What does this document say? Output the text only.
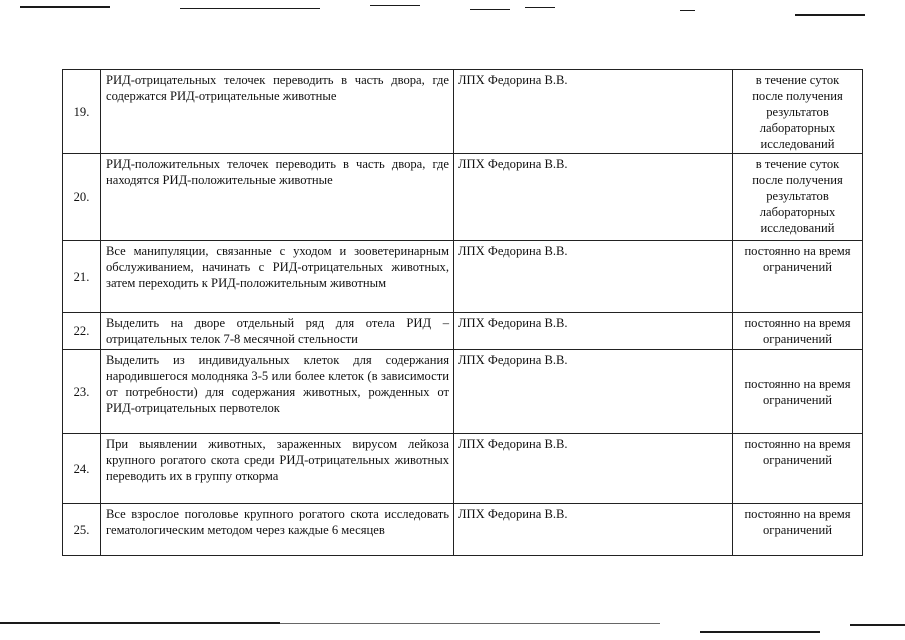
19.	РИД-отрицательных телочек переводить в часть двора, где содержатся РИД-отрицательные животные	ЛПХ Федорина В.В.	в течение суток после получения результатов лабораторных исследований
20.	РИД-положительных телочек переводить в часть двора, где находятся РИД-положительные животные	ЛПХ Федорина В.В.	в течение суток после получения результатов лабораторных исследований
21.	Все манипуляции, связанные с уходом и зооветеринарным обслуживанием, начинать с РИД-отрицательных животных, затем переходить к РИД-положительным животным	ЛПХ Федорина В.В.	постоянно на время ограничений
22.	Выделить на дворе отдельный ряд для отела РИД – отрицательных телок 7-8 месячной стельности	ЛПХ Федорина В.В.	постоянно на время ограничений
23.	Выделить из индивидуальных клеток для содержания народившегося молодняка 3-5 или более клеток (в зависимости от потребности) для содержания животных, рожденных от РИД-отрицательных первотелок	ЛПХ Федорина В.В.	постоянно на время ограничений
24.	При выявлении животных, зараженных вирусом лейкоза крупного рогатого скота среди РИД-отрицательных животных переводить их в группу откорма	ЛПХ Федорина В.В.	постоянно на время ограничений
25.	Все взрослое поголовье крупного рогатого скота исследовать гематологическим методом через каждые 6 месяцев	ЛПХ Федорина В.В.	постоянно на время ограничений
